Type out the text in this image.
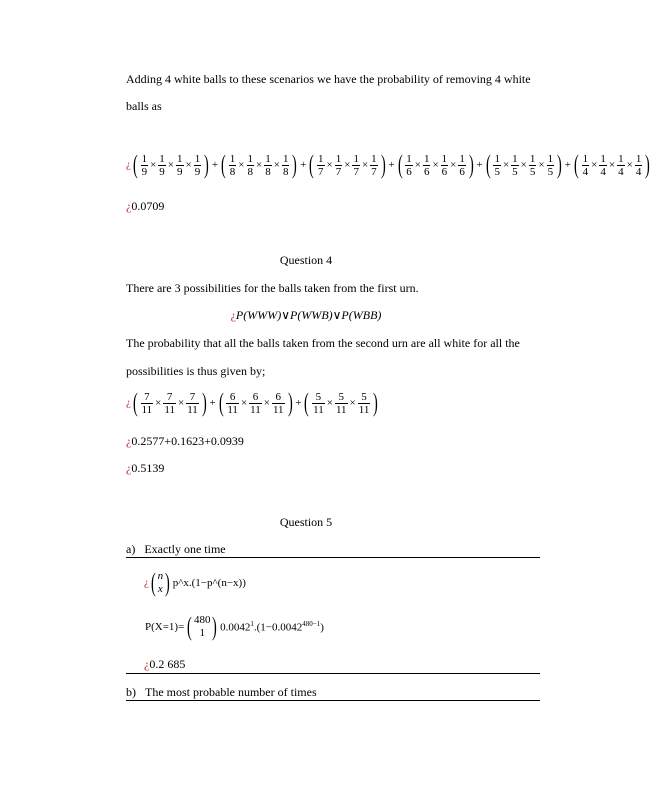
Adding 4 white balls to these scenarios we have the probability of removing 4 white
balls as
¿( $\frac{1}{9} \times \frac{1}{9} \times \frac{1}{9} \times \frac{1}{9}$ ) + ( $\frac{1}{8} \times \frac{1}{8} \times \frac{1}{8} \times \frac{1}{8}$ ) + ( $\frac{1}{7} \times \frac{1}{7} \times \frac{1}{7} \times \frac{1}{7}$ ) + ( $\frac{1}{6} \times \frac{1}{6} \times \frac{1}{6} \times \frac{1}{6}$ ) + ( $\frac{1}{5} \times \frac{1}{5} \times \frac{1}{5} \times \frac{1}{5}$ ) + ( $\frac{1}{4} \times \frac{1}{4} \times \frac{1}{4} \times \frac{1}{4}$ )
¿0.0709
Question 4
There are 3 possibilities for the balls taken from the first urn.
¿P(WWW)∨P(WWB)∨P(WBB)
The probability that all the balls taken from the second urn are all white for all the
possibilities is thus given by;
¿( $\frac{7}{11} \times \frac{7}{11} \times \frac{7}{11}$ ) + ( $\frac{6}{11} \times \frac{6}{11} \times \frac{6}{11}$ ) + ( $\frac{5}{11} \times \frac{5}{11} \times \frac{5}{11}$ )
¿0.2577+0.1623+0.0939
¿0.5139
Question 5
a) Exactly one time
¿( n
x ) p^x.(1−p^(n−x))
P(X=1)= ( 480
1 ) $0.0042^1.(1-0.0042^{480-1})$
¿0.2 685
b) The most probable number of times
